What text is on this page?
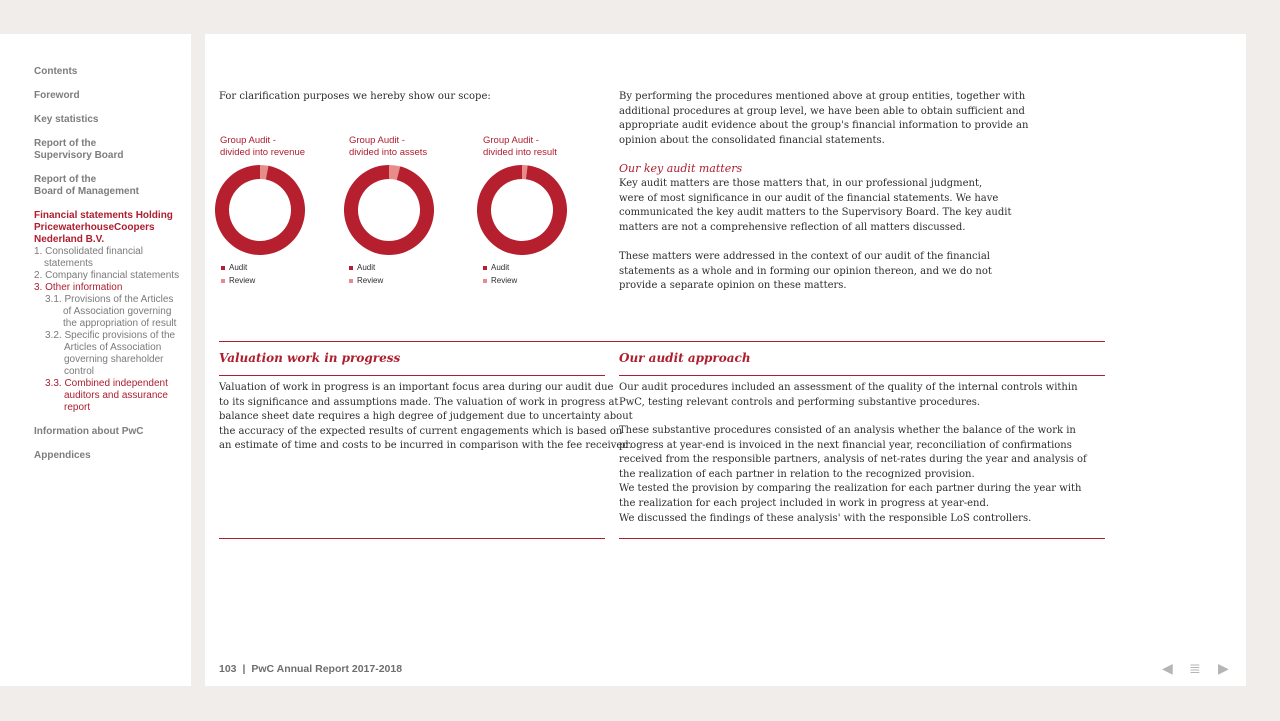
Contents
Foreword
Key statistics
Report of the
Supervisory Board
Report of the
Board of Management
Financial statements Holding
PricewaterhouseCoopers
Nederland B.V.
1. Consolidated financial
statements
2. Company financial statements
3. Other information
3.1. Provisions of the Articles
of Association governing
the appropriation of result
3.2. Specific provisions of the
Articles of Association
governing shareholder
control
3.3. Combined independent
auditors and assurance
report
Information about PwC
Appendices
For clarification purposes we hereby show our scope:
Group Audit -
divided into revenue
Group Audit -
divided into assets
Group Audit -
divided into result
Audit
Review
Audit
Review
Audit
Review
By performing the procedures mentioned above at group entities, together with
additional procedures at group level, we have been able to obtain sufficient and
appropriate audit evidence about the group's financial information to provide an
opinion about the consolidated financial statements.
Our key audit matters
Key audit matters are those matters that, in our professional judgment,
were of most significance in our audit of the financial statements. We have
communicated the key audit matters to the Supervisory Board. The key audit
matters are not a comprehensive reflection of all matters discussed.
These matters were addressed in the context of our audit of the financial
statements as a whole and in forming our opinion thereon, and we do not
provide a separate opinion on these matters.
Valuation work in progress
Valuation of work in progress is an important focus area during our audit due
to its significance and assumptions made. The valuation of work in progress at
balance sheet date requires a high degree of judgement due to uncertainty about
the accuracy of the expected results of current engagements which is based on
an estimate of time and costs to be incurred in comparison with the fee received.
Our audit approach
Our audit procedures included an assessment of the quality of the internal controls within
PwC, testing relevant controls and performing substantive procedures.
These substantive procedures consisted of an analysis whether the balance of the work in
progress at year-end is invoiced in the next financial year, reconciliation of confirmations
received from the responsible partners, analysis of net-rates during the year and analysis of
the realization of each partner in relation to the recognized provision.
We tested the provision by comparing the realization for each partner during the year with
the realization for each project included in work in progress at year-end.
We discussed the findings of these analysis' with the responsible LoS controllers.
103 | PwC Annual Report 2017-2018	◀ ≣ ▶
